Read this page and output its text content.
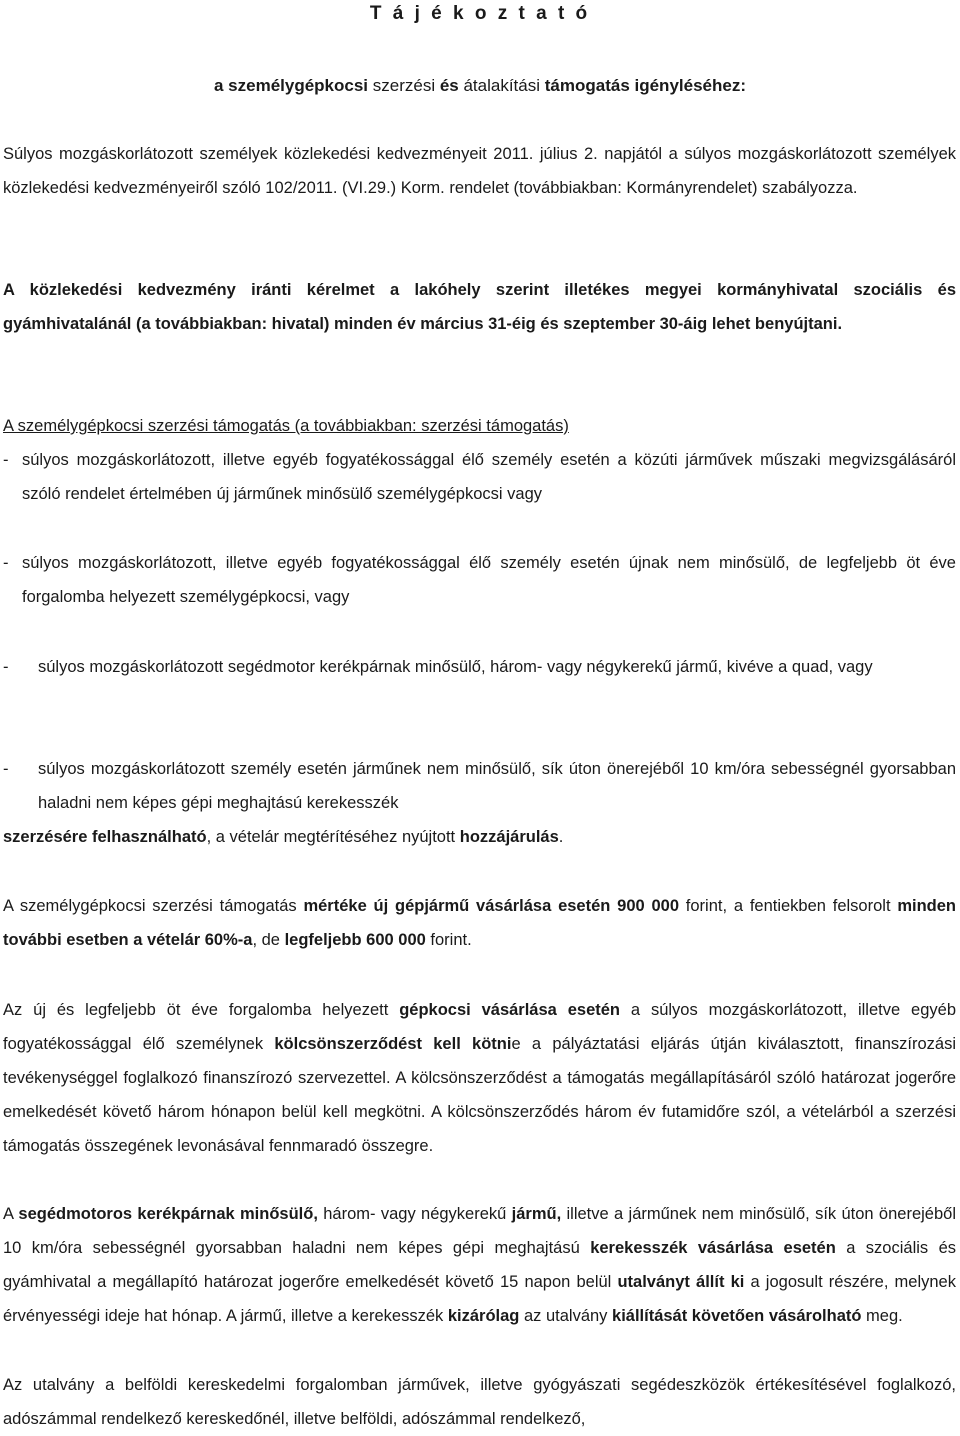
T á j é k o z t a t ó
a személygépkocsi szerzési és átalakítási támogatás igényléséhez:
Súlyos mozgáskorlátozott személyek közlekedési kedvezményeit 2011. július 2. napjától a súlyos mozgáskorlátozott személyek közlekedési kedvezményeiről szóló 102/2011. (VI.29.) Korm. rendelet (továbbiakban: Kormányrendelet) szabályozza.
A közlekedési kedvezmény iránti kérelmet a lakóhely szerint illetékes megyei kormányhivatal szociális és gyámhivatalánál (a továbbiakban: hivatal) minden év március 31-éig és szeptember 30-áig lehet benyújtani.
A személygépkocsi szerzési támogatás (a továbbiakban: szerzési támogatás)
- súlyos mozgáskorlátozott, illetve egyéb fogyatékossággal élő személy esetén a közúti járművek műszaki megvizsgálásáról szóló rendelet értelmében új járműnek minősülő személygépkocsi vagy
- súlyos mozgáskorlátozott, illetve egyéb fogyatékossággal élő személy esetén újnak nem minősülő, de legfeljebb öt éve forgalomba helyezett személygépkocsi, vagy
- súlyos mozgáskorlátozott segédmotor kerékpárnak minősülő, három- vagy négykerekű jármű, kivéve a quad, vagy
- súlyos mozgáskorlátozott személy esetén járműnek nem minősülő, sík úton önerejéből 10 km/óra sebességnél gyorsabban haladni nem képes gépi meghajtású kerekesszék
szerzésére felhasználható, a vételár megtérítéséhez nyújtott hozzájárulás.
A személygépkocsi szerzési támogatás mértéke új gépjármű vásárlása esetén 900 000 forint, a fentiekben felsorolt minden további esetben a vételár 60%-a, de legfeljebb 600 000 forint.
Az új és legfeljebb öt éve forgalomba helyezett gépkocsi vásárlása esetén a súlyos mozgáskorlátozott, illetve egyéb fogyatékossággal élő személynek kölcsönszerződést kell kötnie a pályáztatási eljárás útján kiválasztott, finanszírozási tevékenységgel foglalkozó finanszírozó szervezettel. A kölcsönszerződést a támogatás megállapításáról szóló határozat jogerőre emelkedését követő három hónapon belül kell megkötni. A kölcsönszerződés három év futamidőre szól, a vételárból a szerzési támogatás összegének levonásával fennmaradó összegre.
A segédmotoros kerékpárnak minősülő, három- vagy négykerekű jármű, illetve a járműnek nem minősülő, sík úton önerejéből 10 km/óra sebességnél gyorsabban haladni nem képes gépi meghajtású kerekesszék vásárlása esetén a szociális és gyámhivatal a megállapító határozat jogerőre emelkedését követő 15 napon belül utalványt állít ki a jogosult részére, melynek érvényességi ideje hat hónap. A jármű, illetve a kerekesszék kizárólag az utalvány kiállítását követően vásárolható meg.
Az utalvány a belföldi kereskedelmi forgalomban járművek, illetve gyógyászati segédeszközök értékesítésével foglalkozó, adószámmal rendelkező kereskedőnél, illetve belföldi, adószámmal rendelkező,
